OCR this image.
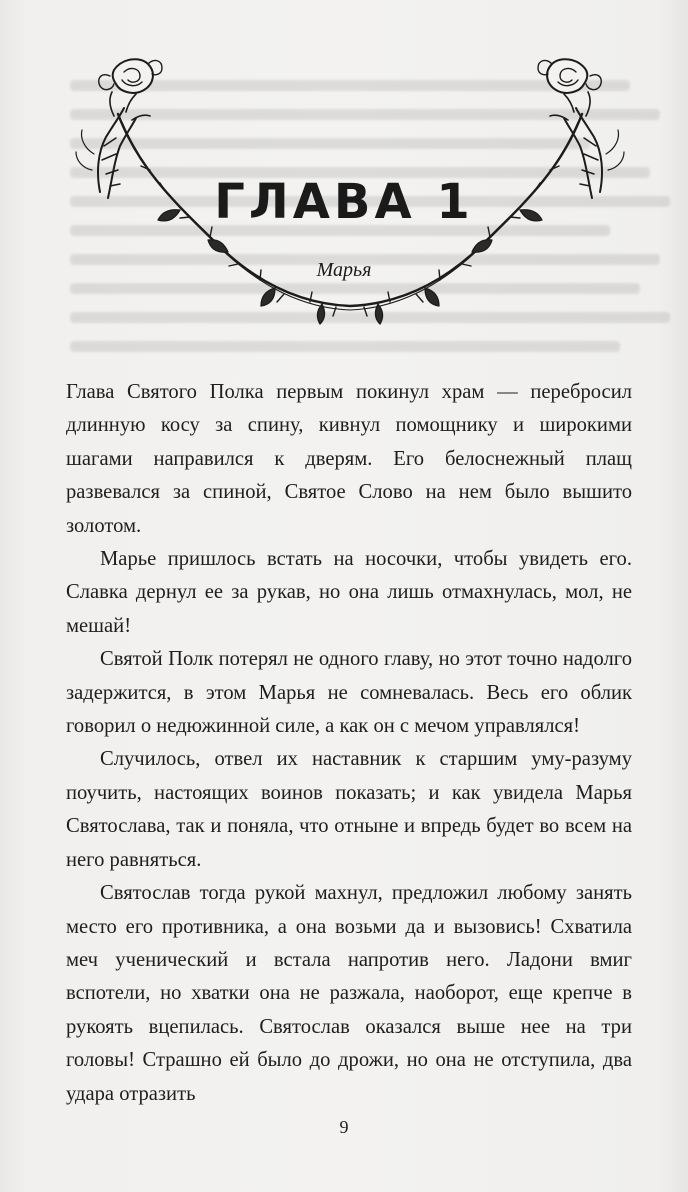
ГЛАВА 1
Марья

Глава Святого Полка первым покинул храм — перебросил длинную косу за спину, кивнул помощнику и широкими шагами направился к дверям. Его белоснежный плащ развевался за спиной, Святое Слово на нем было вышито золотом.

Марье пришлось встать на носочки, чтобы увидеть его. Славка дернул ее за рукав, но она лишь отмахнулась, мол, не мешай!

Святой Полк потерял не одного главу, но этот точно надолго задержится, в этом Марья не сомневалась. Весь его облик говорил о недюжинной силе, а как он с мечом управлялся!

Случилось, отвел их наставник к старшим уму-разуму поучить, настоящих воинов показать; и как увидела Марья Святослава, так и поняла, что отныне и впредь будет во всем на него равняться.

Святослав тогда рукой махнул, предложил любому занять место его противника, а она возьми да и вызовись! Схватила меч ученический и встала напротив него. Ладони вмиг вспотели, но хватки она не разжала, наоборот, еще крепче в рукоять вцепилась. Святослав оказался выше нее на три головы! Страшно ей было до дрожи, но она не отступила, два удара отразить

9
